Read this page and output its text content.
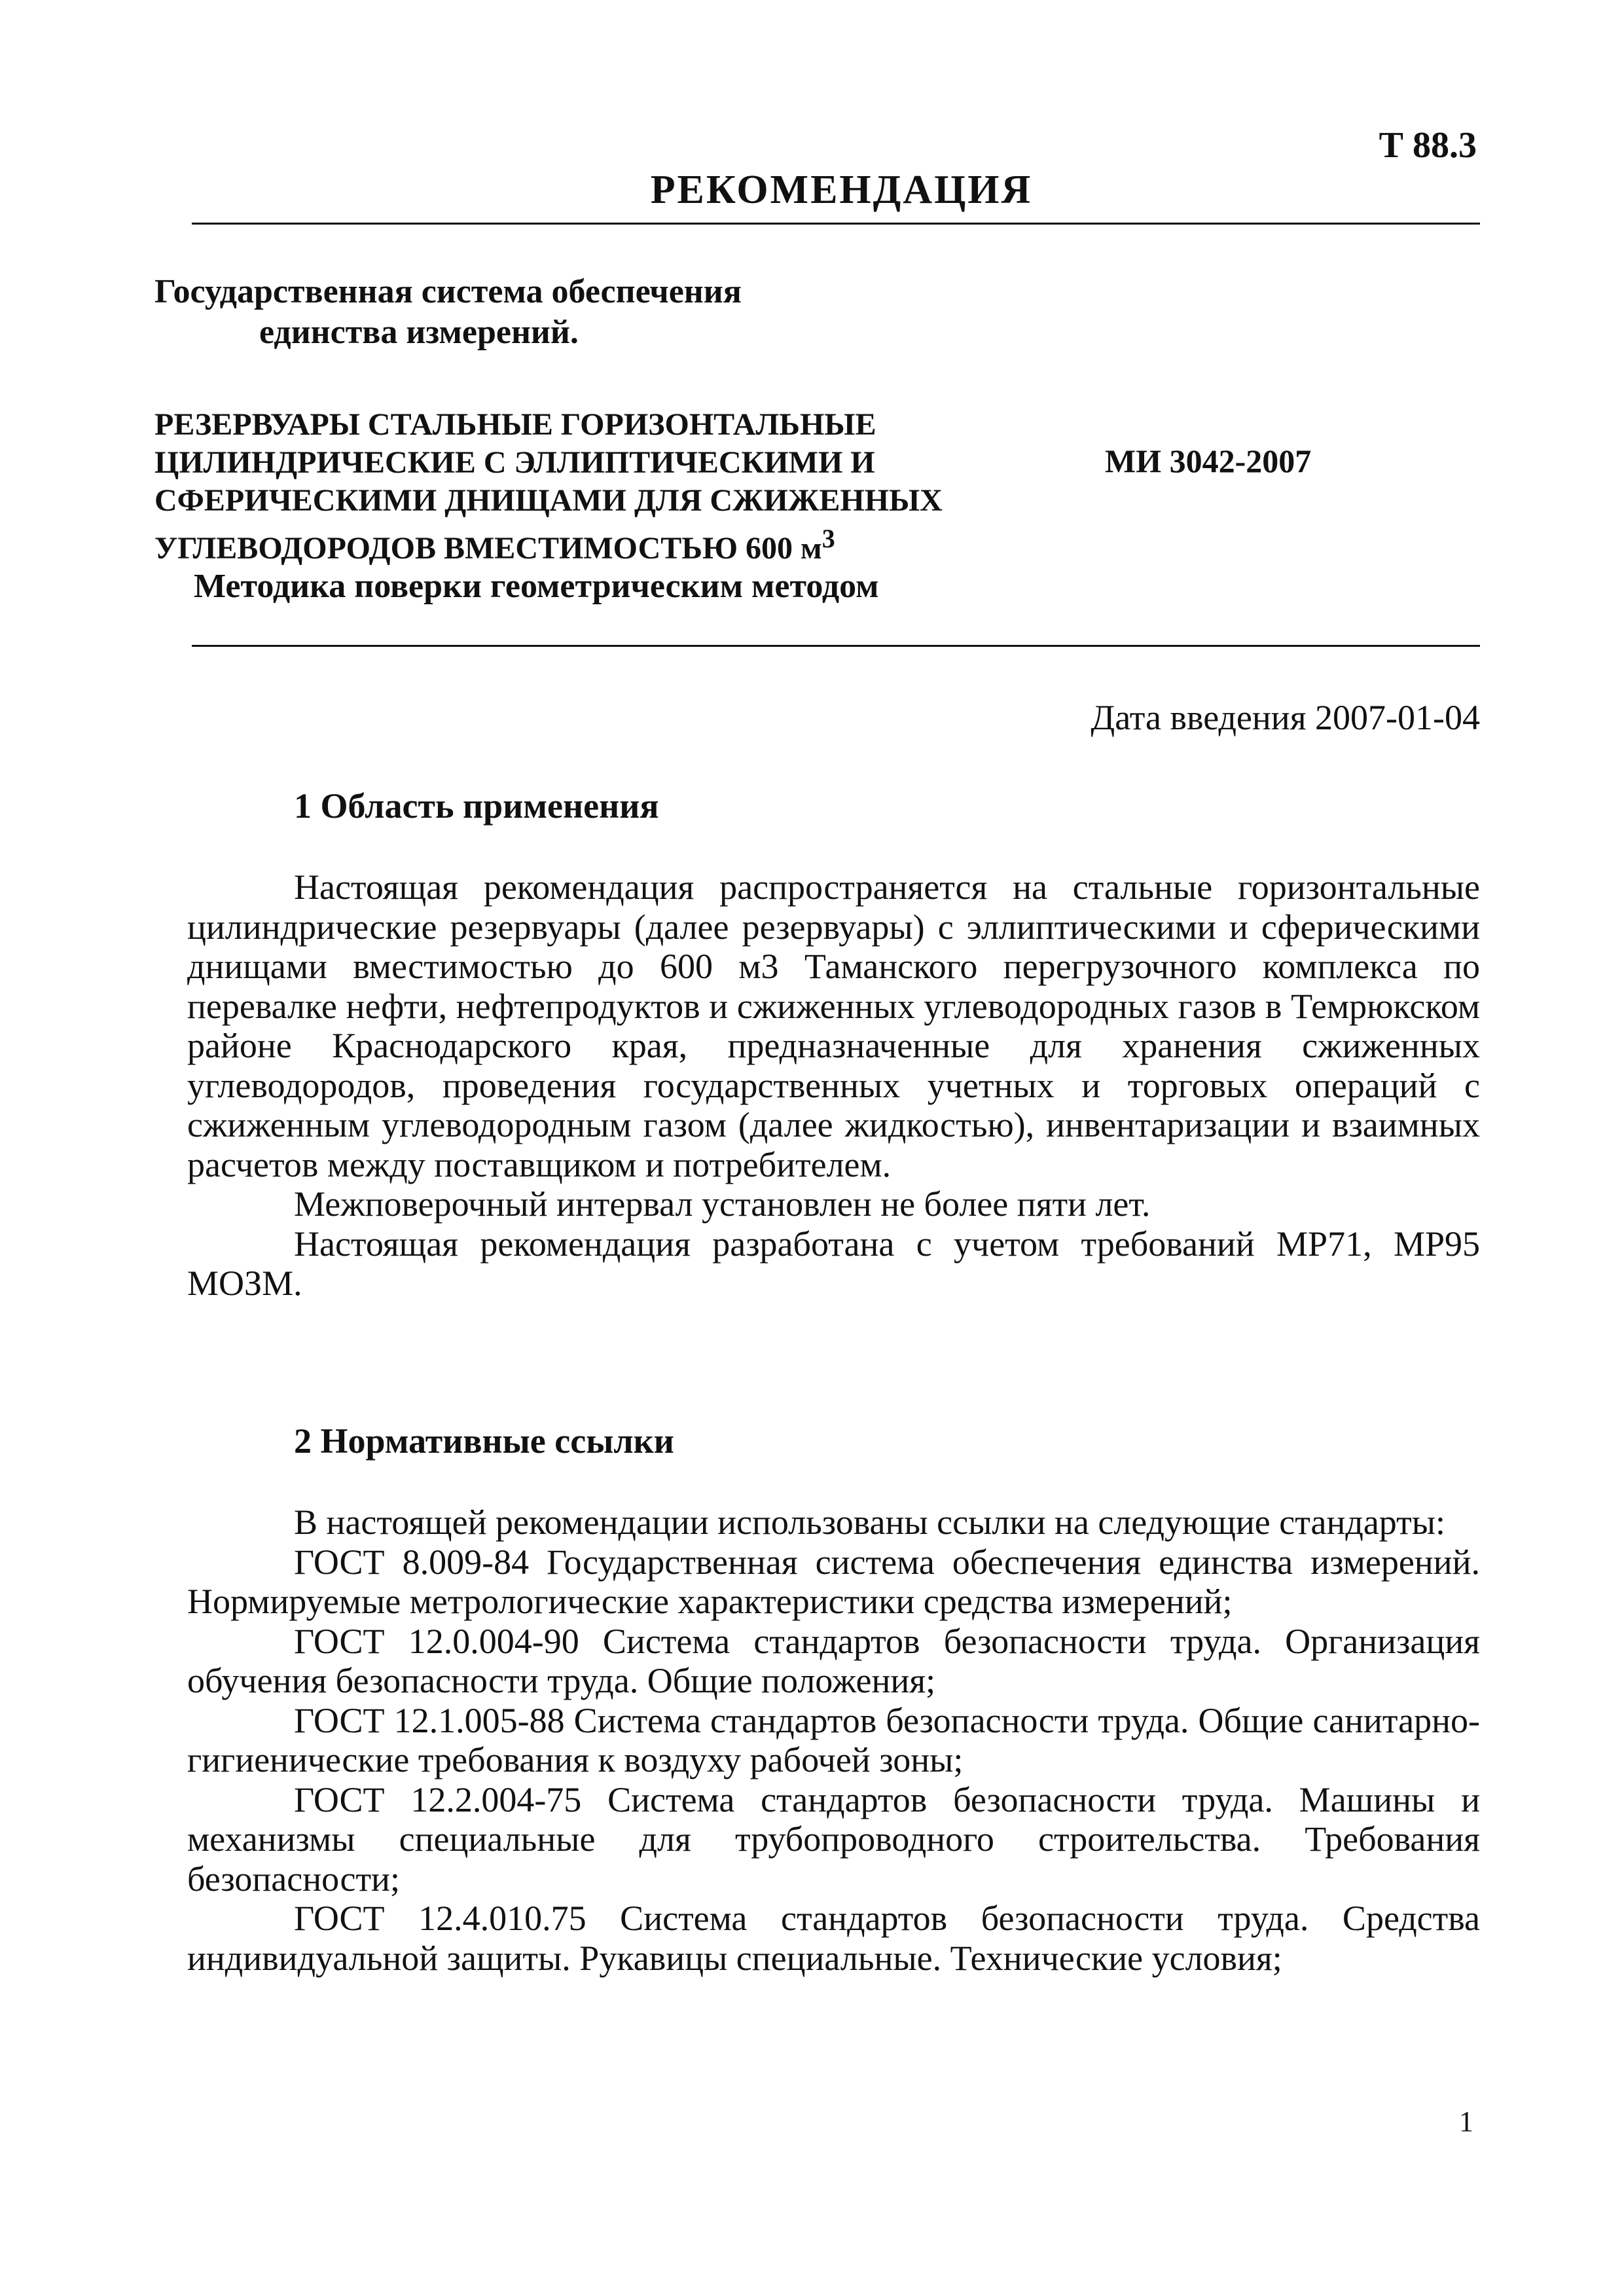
Т 88.3
РЕКОМЕНДАЦИЯ
Государственная система обеспечения
единства измерений.
РЕЗЕРВУАРЫ СТАЛЬНЫЕ ГОРИЗОНТАЛЬНЫЕ
ЦИЛИНДРИЧЕСКИЕ С ЭЛЛИПТИЧЕСКИМИ И
СФЕРИЧЕСКИМИ ДНИЩАМИ ДЛЯ СЖИЖЕННЫХ
УГЛЕВОДОРОДОВ ВМЕСТИМОСТЬЮ 600 $м^3$
Методика поверки геометрическим методом
МИ 3042-2007
Дата введения 2007-01-04
1 Область применения

Настоящая рекомендация распространяется на стальные горизонтальные цилиндрические резервуары (далее резервуары) с эллиптическими и сферическими днищами вместимостью до 600 м3 Таманского перегрузочного комплекса по перевалке нефти, нефтепродуктов и сжиженных углеводородных газов в Темрюкском районе Краснодарского края, предназначенные для хранения сжиженных углеводородов, проведения государственных учетных и торговых операций с сжиженным углеводородным газом (далее жидкостью), инвентаризации и взаимных расчетов между поставщиком и потребителем.

Межповерочный интервал установлен не более пяти лет.

Настоящая рекомендация разработана с учетом требований МР71, МР95 МОЗМ.

2 Нормативные ссылки

В настоящей рекомендации использованы ссылки на следующие стандарты:

ГОСТ 8.009-84 Государственная система обеспечения единства измерений. Нормируемые метрологические характеристики средства измерений;

ГОСТ 12.0.004-90 Система стандартов безопасности труда. Организация обучения безопасности труда. Общие положения;

ГОСТ 12.1.005-88 Система стандартов безопасности труда. Общие санитарно-гигиенические требования к воздуху рабочей зоны;

ГОСТ 12.2.004-75 Система стандартов безопасности труда. Машины и механизмы специальные для трубопроводного строительства. Требования безопасности;

ГОСТ 12.4.010.75 Система стандартов безопасности труда. Средства индивидуальной защиты. Рукавицы специальные. Технические условия;

1
